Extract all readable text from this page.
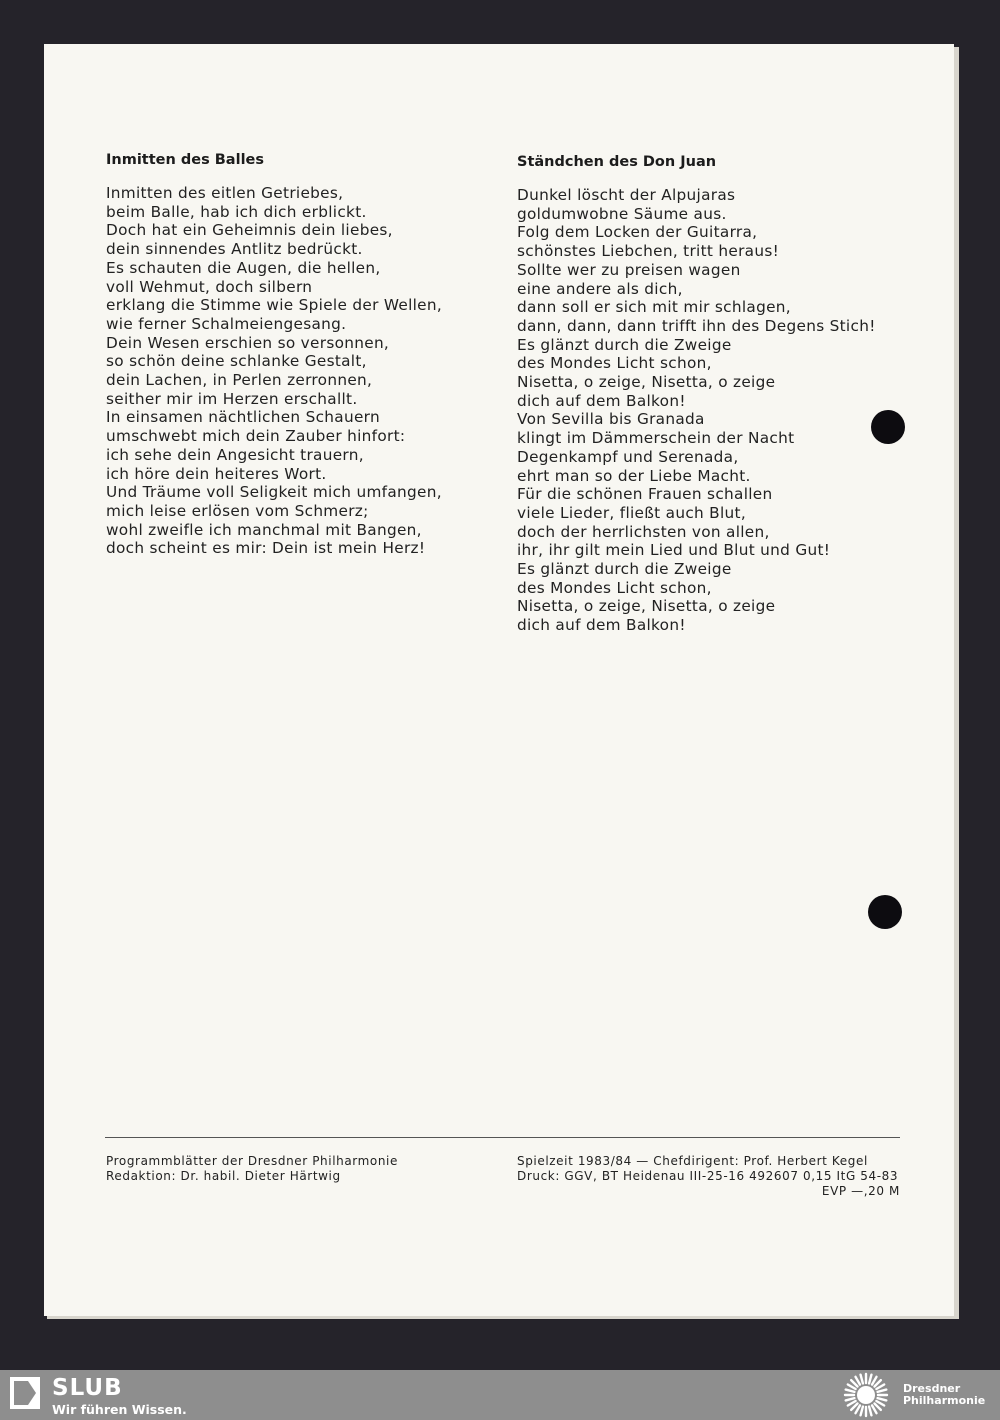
Inmitten des Balles
Inmitten des eitlen Getriebes,
beim Balle, hab ich dich erblickt.
Doch hat ein Geheimnis dein liebes,
dein sinnendes Antlitz bedrückt.
Es schauten die Augen, die hellen,
voll Wehmut, doch silbern
erklang die Stimme wie Spiele der Wellen,
wie ferner Schalmeiengesang.
Dein Wesen erschien so versonnen,
so schön deine schlanke Gestalt,
dein Lachen, in Perlen zerronnen,
seither mir im Herzen erschallt.
In einsamen nächtlichen Schauern
umschwebt mich dein Zauber hinfort:
ich sehe dein Angesicht trauern,
ich höre dein heiteres Wort.
Und Träume voll Seligkeit mich umfangen,
mich leise erlösen vom Schmerz;
wohl zweifle ich manchmal mit Bangen,
doch scheint es mir: Dein ist mein Herz!
Ständchen des Don Juan
Dunkel löscht der Alpujaras
goldumwobne Säume aus.
Folg dem Locken der Guitarra,
schönstes Liebchen, tritt heraus!
Sollte wer zu preisen wagen
eine andere als dich,
dann soll er sich mit mir schlagen,
dann, dann, dann trifft ihn des Degens Stich!
Es glänzt durch die Zweige
des Mondes Licht schon,
Nisetta, o zeige, Nisetta, o zeige
dich auf dem Balkon!
Von Sevilla bis Granada
klingt im Dämmerschein der Nacht
Degenkampf und Serenada,
ehrt man so der Liebe Macht.
Für die schönen Frauen schallen
viele Lieder, fließt auch Blut,
doch der herrlichsten von allen,
ihr, ihr gilt mein Lied und Blut und Gut!
Es glänzt durch die Zweige
des Mondes Licht schon,
Nisetta, o zeige, Nisetta, o zeige
dich auf dem Balkon!
Programmblätter der Dresdner Philharmonie
Redaktion: Dr. habil. Dieter Härtwig
Spielzeit 1983/84 — Chefdirigent: Prof. Herbert Kegel
Druck: GGV, BT Heidenau III-25-16 492607 0,15 ItG 54-83
EVP —,20 M
SLUB
Wir führen Wissen.
Dresdner
Philharmonie
